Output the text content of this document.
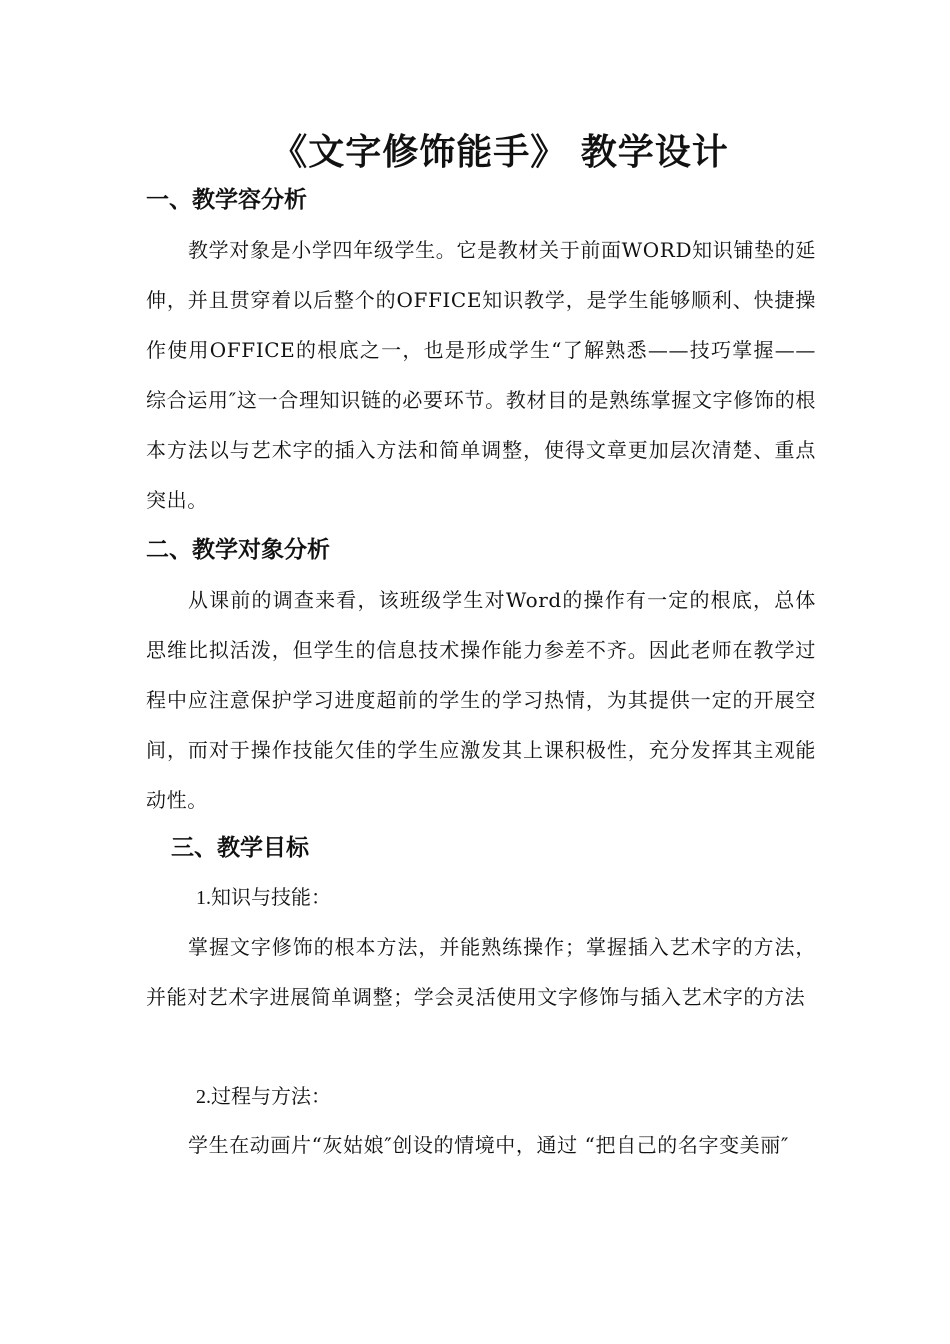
《文字修饰能手》 教学设计
一、教学容分析
教学对象是小学四年级学生。它是教材关于前面WORD知识铺垫的延伸，并且贯穿着以后整个的OFFICE知识教学，是学生能够顺利、快捷操作使用OFFICE的根底之一，也是形成学生“了解熟悉——技巧掌握——综合运用″这一合理知识链的必要环节。教材目的是熟练掌握文字修饰的根本方法以与艺术字的插入方法和简单调整，使得文章更加层次清楚、重点突出。
二、教学对象分析
从课前的调查来看，该班级学生对Word的操作有一定的根底，总体思维比拟活泼，但学生的信息技术操作能力参差不齐。因此老师在教学过程中应注意保护学习进度超前的学生的学习热情，为其提供一定的开展空间，而对于操作技能欠佳的学生应激发其上课积极性，充分发挥其主观能动性。
三、教学目标
1.知识与技能：
掌握文字修饰的根本方法，并能熟练操作；掌握插入艺术字的方法，并能对艺术字进展简单调整；学会灵活使用文字修饰与插入艺术字的方法
2.过程与方法：
学生在动画片“灰姑娘″创设的情境中，通过 “把自己的名字变美丽″
